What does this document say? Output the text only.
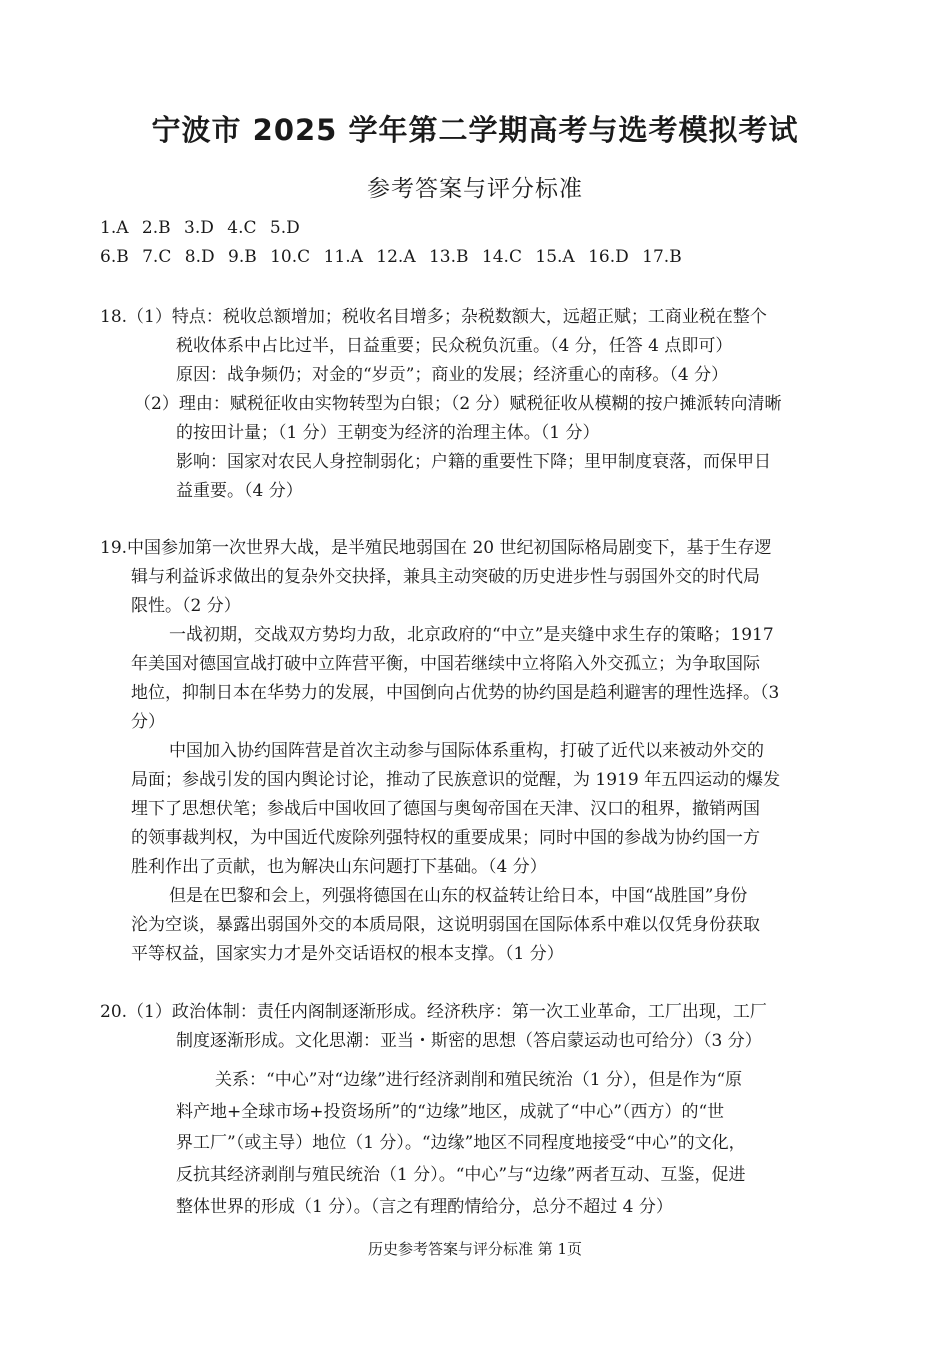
宁波市 2025 学年第二学期高考与选考模拟考试
参考答案与评分标准
1.A 2.B 3.D 4.C 5.D
6.B 7.C 8.D 9.B 10.C 11.A 12.A 13.B 14.C 15.A 16.D 17.B
18.（1）特点：税收总额增加；税收名目增多；杂税数额大，远超正赋；工商业税在整个
税收体系中占比过半，日益重要；民众税负沉重。（4 分，任答 4 点即可）
原因：战争频仍；对金的“岁贡”；商业的发展；经济重心的南移。（4 分）
（2）理由：赋税征收由实物转型为白银；（2 分）赋税征收从模糊的按户摊派转向清晰
的按田计量；（1 分）王朝变为经济的治理主体。（1 分）
影响：国家对农民人身控制弱化；户籍的重要性下降；里甲制度衰落，而保甲日
益重要。（4 分）
19.中国参加第一次世界大战，是半殖民地弱国在 20 世纪初国际格局剧变下，基于生存逻
辑与利益诉求做出的复杂外交抉择，兼具主动突破的历史进步性与弱国外交的时代局
限性。（2 分）
一战初期，交战双方势均力敌，北京政府的“中立”是夹缝中求生存的策略；1917
年美国对德国宣战打破中立阵营平衡，中国若继续中立将陷入外交孤立；为争取国际
地位，抑制日本在华势力的发展，中国倒向占优势的协约国是趋利避害的理性选择。（3
分）
中国加入协约国阵营是首次主动参与国际体系重构，打破了近代以来被动外交的
局面；参战引发的国内舆论讨论，推动了民族意识的觉醒，为 1919 年五四运动的爆发
埋下了思想伏笔；参战后中国收回了德国与奥匈帝国在天津、汉口的租界，撤销两国
的领事裁判权，为中国近代废除列强特权的重要成果；同时中国的参战为协约国一方
胜利作出了贡献，也为解决山东问题打下基础。（4 分）
但是在巴黎和会上，列强将德国在山东的权益转让给日本，中国“战胜国”身份
沦为空谈，暴露出弱国外交的本质局限，这说明弱国在国际体系中难以仅凭身份获取
平等权益，国家实力才是外交话语权的根本支撑。（1 分）
20.（1）政治体制：责任内阁制逐渐形成。经济秩序：第一次工业革命，工厂出现，工厂
制度逐渐形成。文化思潮：亚当・斯密的思想（答启蒙运动也可给分）（3 分）
关系：“中心”对“边缘”进行经济剥削和殖民统治（1 分），但是作为“原
料产地+全球市场+投资场所”的“边缘”地区，成就了“中心”（西方）的“世
界工厂”（或主导）地位（1 分）。“边缘”地区不同程度地接受“中心”的文化，
反抗其经济剥削与殖民统治（1 分）。“中心”与“边缘”两者互动、互鉴，促进
整体世界的形成（1 分）。（言之有理酌情给分，总分不超过 4 分）
历史参考答案与评分标准 第 1页
